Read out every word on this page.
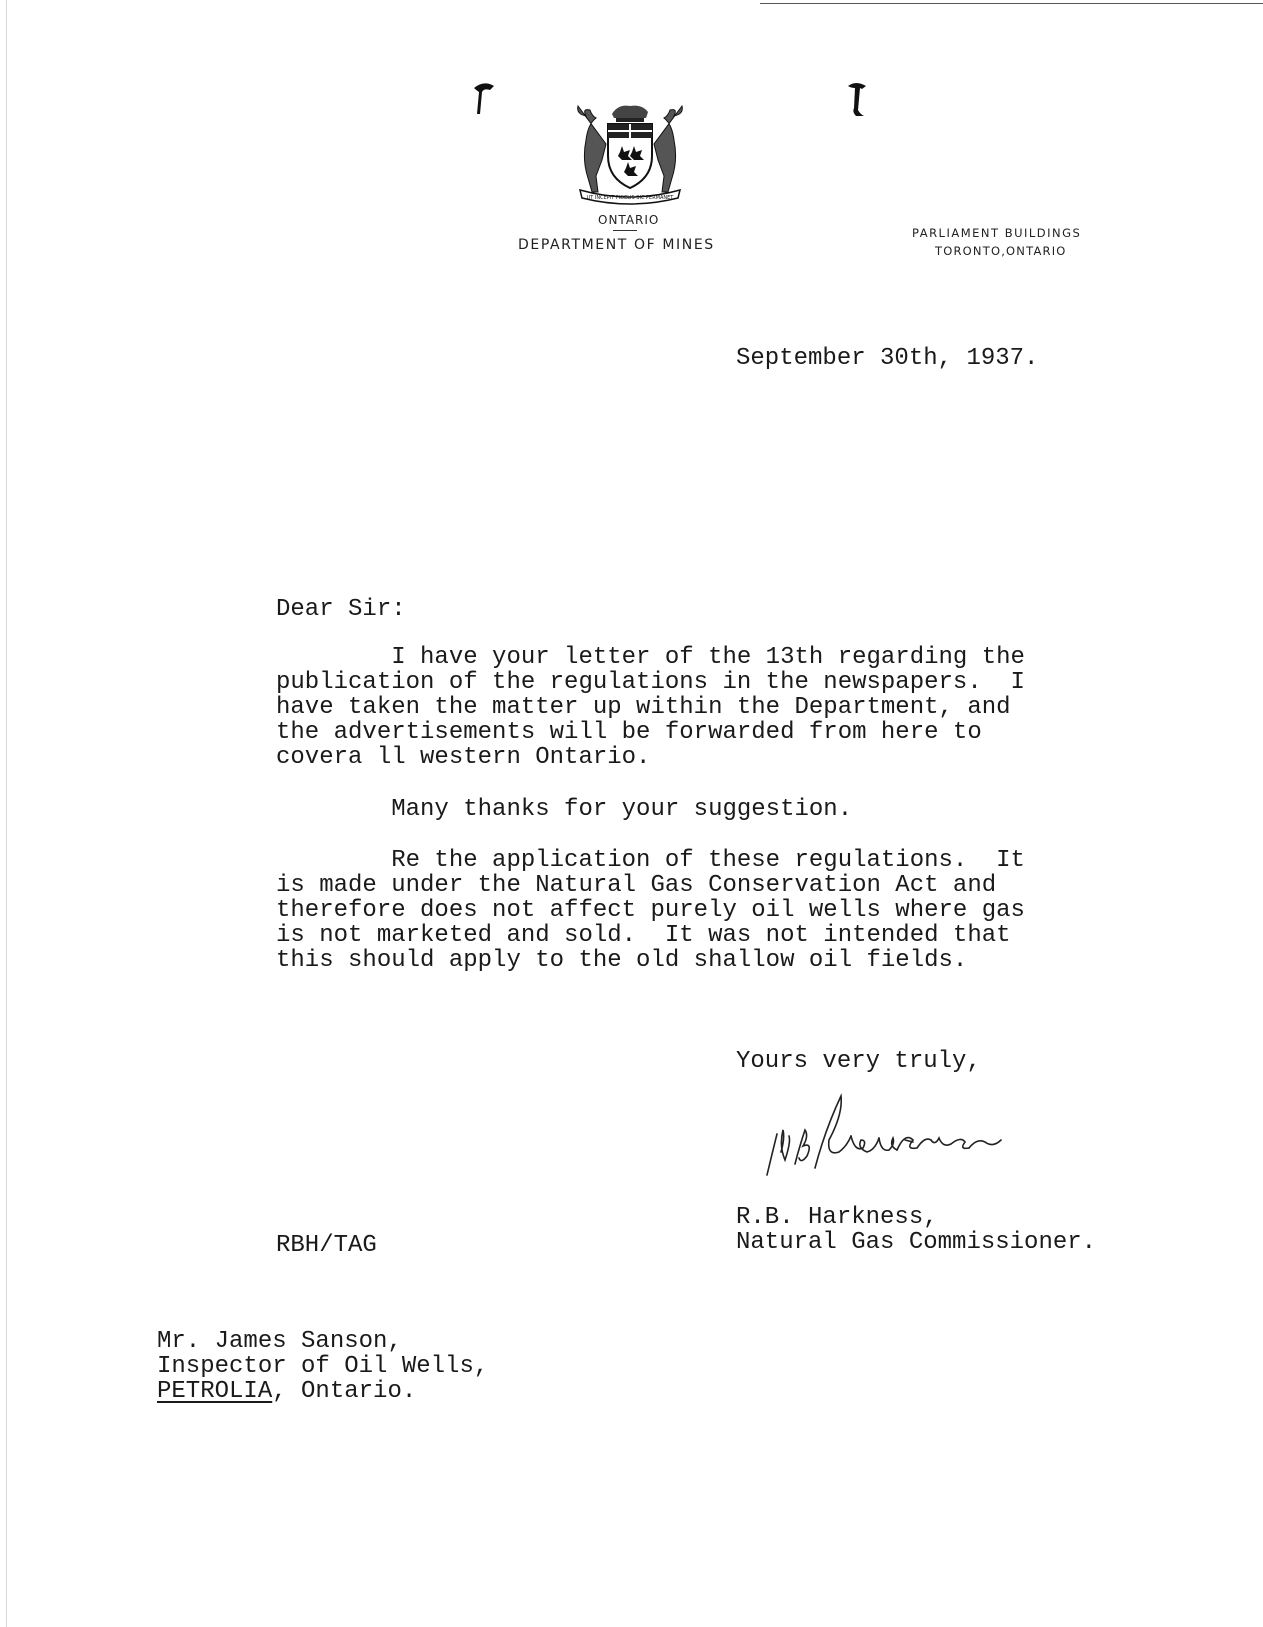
UT INCEPIT FIDELIS SIC PERMANET
ONTARIO
DEPARTMENT OF MINES
PARLIAMENT BUILDINGS
TORONTO,ONTARIO
September 30th, 1937.
Dear Sir:
I have your letter of the 13th regarding the
publication of the regulations in the newspapers.  I
have taken the matter up within the Department, and
the advertisements will be forwarded from here to
covera ll western Ontario.
Many thanks for your suggestion.
Re the application of these regulations.  It
is made under the Natural Gas Conservation Act and
therefore does not affect purely oil wells where gas
is not marketed and sold.  It was not intended that
this should apply to the old shallow oil fields.
Yours very truly,
R.B. Harkness,
Natural Gas Commissioner.
RBH/TAG
Mr. James Sanson,
Inspector of Oil Wells,
PETROLIA, Ontario.
